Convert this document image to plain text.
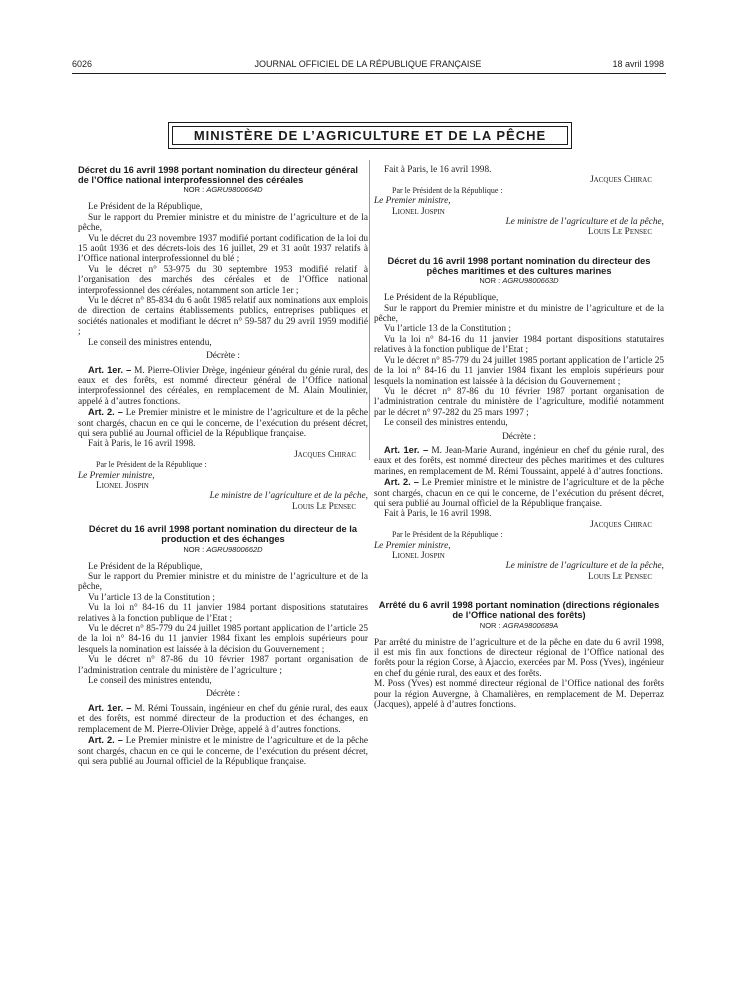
6026	JOURNAL OFFICIEL DE LA RÉPUBLIQUE FRANÇAISE	18 avril 1998
MINISTÈRE DE L’AGRICULTURE ET DE LA PÊCHE
Décret du 16 avril 1998 portant nomination du directeur général de l’Office national interprofessionnel des céréales
NOR : AGRU9800664D

Le Président de la République,

Sur le rapport du Premier ministre et du ministre de l’agriculture et de la pêche,

Vu le décret du 23 novembre 1937 modifié portant codification de la loi du 15 août 1936 et des décrets-lois des 16 juillet, 29 et 31 août 1937 relatifs à l’Office national interprofessionnel du blé ;

Vu le décret n° 53-975 du 30 septembre 1953 modifié relatif à l’organisation des marchés des céréales et de l’Office national interprofessionnel des céréales, notamment son article 1er ;

Vu le décret n° 85-834 du 6 août 1985 relatif aux nominations aux emplois de direction de certains établissements publics, entreprises publiques et sociétés nationales et modifiant le décret n° 59-587 du 29 avril 1959 modifié ;

Le conseil des ministres entendu,

Décrète :

Art. 1er. – M. Pierre-Olivier Drège, ingénieur général du génie rural, des eaux et des forêts, est nommé directeur général de l’Office national interprofessionnel des céréales, en remplacement de M. Alain Moulinier, appelé à d’autres fonctions.

Art. 2. – Le Premier ministre et le ministre de l’agriculture et de la pêche sont chargés, chacun en ce qui le concerne, de l’exécution du présent décret, qui sera publié au Journal officiel de la République française.

Fait à Paris, le 16 avril 1998.

Jacques Chirac
Par le Président de la République :
Le Premier ministre,
Lionel Jospin
Le ministre de l’agriculture et de la pêche,
Louis Le Pensec
Décret du 16 avril 1998 portant nomination du directeur de la production et des échanges
NOR : AGRU9800662D

Le Président de la République,

Sur le rapport du Premier ministre et du ministre de l’agriculture et de la pêche,

Vu l’article 13 de la Constitution ;

Vu la loi n° 84-16 du 11 janvier 1984 portant dispositions statutaires relatives à la fonction publique de l’Etat ;

Vu le décret n° 85-779 du 24 juillet 1985 portant application de l’article 25 de la loi n° 84-16 du 11 janvier 1984 fixant les emplois supérieurs pour lesquels la nomination est laissée à la décision du Gouvernement ;

Vu le décret n° 87-86 du 10 février 1987 portant organisation de l’administration centrale du ministère de l’agriculture ;

Le conseil des ministres entendu,

Décrète :

Art. 1er. – M. Rémi Toussain, ingénieur en chef du génie rural, des eaux et des forêts, est nommé directeur de la production et des échanges, en remplacement de M. Pierre-Olivier Drège, appelé à d’autres fonctions.

Art. 2. – Le Premier ministre et le ministre de l’agriculture et de la pêche sont chargés, chacun en ce qui le concerne, de l’exécution du présent décret, qui sera publié au Journal officiel de la République française.

Fait à Paris, le 16 avril 1998.

Jacques Chirac
Par le Président de la République :
Le Premier ministre,
Lionel Jospin
Le ministre de l’agriculture et de la pêche,
Louis Le Pensec
Décret du 16 avril 1998 portant nomination du directeur des pêches maritimes et des cultures marines
NOR : AGRU9800663D

Le Président de la République,

Sur le rapport du Premier ministre et du ministre de l’agriculture et de la pêche,

Vu l’article 13 de la Constitution ;

Vu la loi n° 84-16 du 11 janvier 1984 portant dispositions statutaires relatives à la fonction publique de l’Etat ;

Vu le décret n° 85-779 du 24 juillet 1985 portant application de l’article 25 de la loi n° 84-16 du 11 janvier 1984 fixant les emplois supérieurs pour lesquels la nomination est laissée à la décision du Gouvernement ;

Vu le décret n° 87-86 du 10 février 1987 portant organisation de l’administration centrale du ministère de l’agriculture, modifié notamment par le décret n° 97-282 du 25 mars 1997 ;

Le conseil des ministres entendu,

Décrète :

Art. 1er. – M. Jean-Marie Aurand, ingénieur en chef du génie rural, des eaux et des forêts, est nommé directeur des pêches maritimes et des cultures marines, en remplacement de M. Rémi Toussaint, appelé à d’autres fonctions.

Art. 2. – Le Premier ministre et le ministre de l’agriculture et de la pêche sont chargés, chacun en ce qui le concerne, de l’exécution du présent décret, qui sera publié au Journal officiel de la République française.

Fait à Paris, le 16 avril 1998.

Jacques Chirac
Par le Président de la République :
Le Premier ministre,
Lionel Jospin
Le ministre de l’agriculture et de la pêche,
Louis Le Pensec
Arrêté du 6 avril 1998 portant nomination (directions régionales de l’Office national des forêts)
NOR : AGRA9800689A

Par arrêté du ministre de l’agriculture et de la pêche en date du 6 avril 1998, il est mis fin aux fonctions de directeur régional de l’Office national des forêts pour la région Corse, à Ajaccio, exercées par M. Poss (Yves), ingénieur en chef du génie rural, des eaux et des forêts.

M. Poss (Yves) est nommé directeur régional de l’Office national des forêts pour la région Auvergne, à Chamalières, en remplacement de M. Deperraz (Jacques), appelé à d’autres fonctions.
